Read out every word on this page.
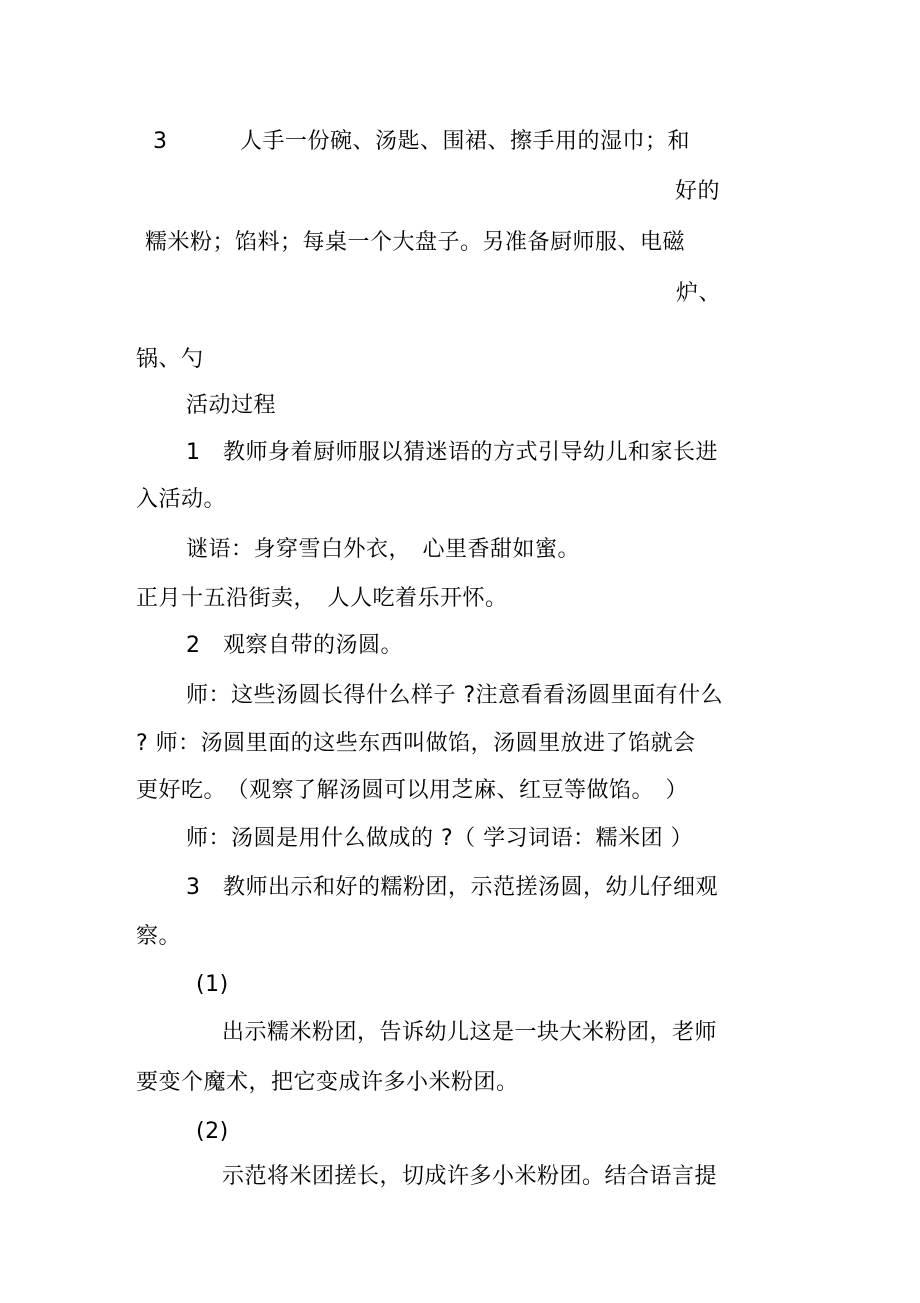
3	人手一份碗、汤匙、围裙、擦手用的湿巾；和
好的
糯米粉；馅料；每桌一个大盘子。另准备厨师服、电磁
炉、
锅、勺
活动过程
1　教师身着厨师服以猜迷语的方式引导幼儿和家长进
入活动。
谜语：身穿雪白外衣，　心里香甜如蜜。
正月十五沿街卖，　人人吃着乐开怀。
2　观察自带的汤圆。
师：这些汤圆长得什么样子 ?注意看看汤圆里面有什么
? 师：汤圆里面的这些东西叫做馅，汤圆里放进了馅就会
更好吃。　（观察了解汤圆可以用芝麻、红豆等做馅。　）
师：汤圆是用什么做成的 ?（ 学习词语：糯米团 ）
3　教师出示和好的糯粉团，示范搓汤圆，幼儿仔细观
察。
(1)
出示糯米粉团，告诉幼儿这是一块大米粉团，老师
要变个魔术，把它变成许多小米粉团。
(2)
示范将米团搓长，切成许多小米粉团。结合语言提
